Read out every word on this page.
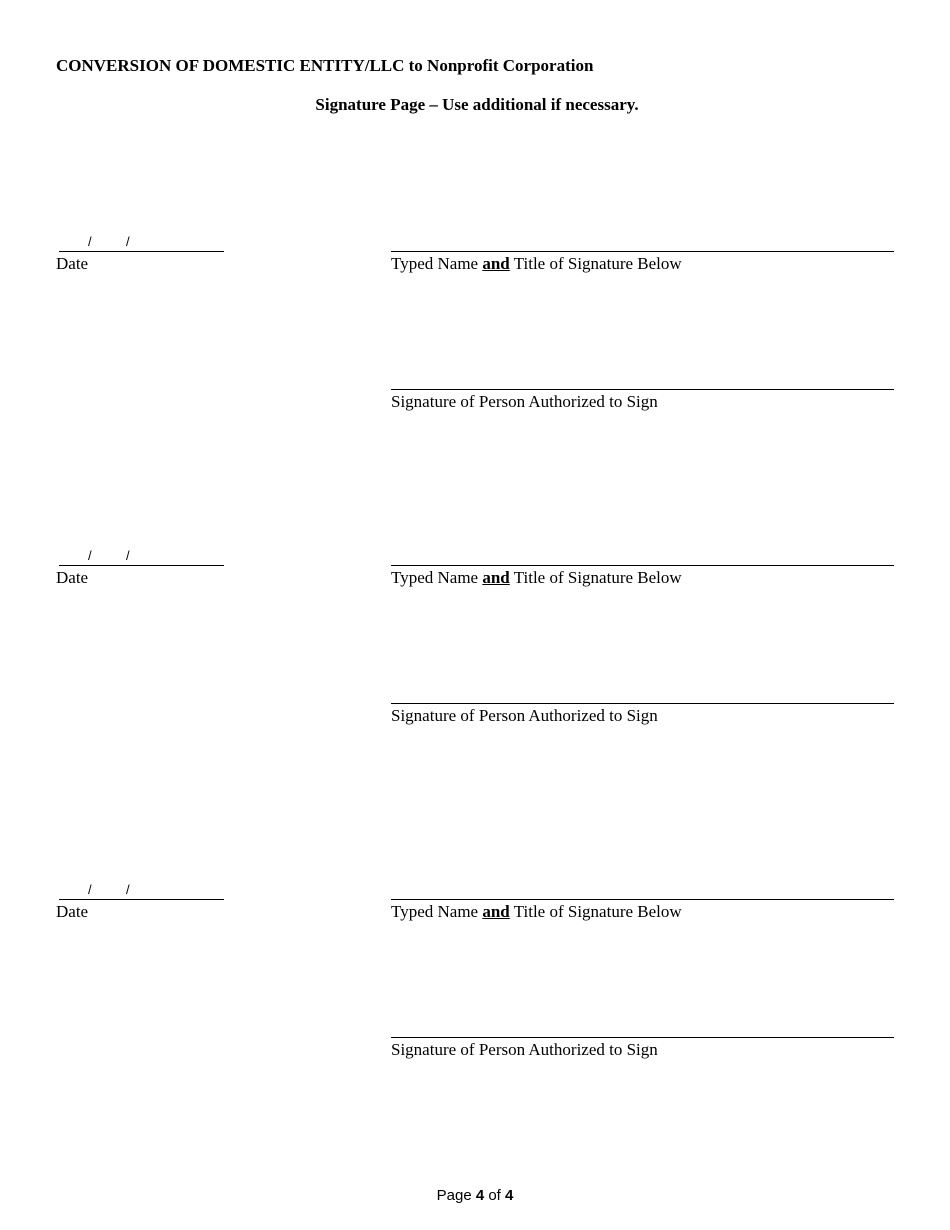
CONVERSION OF DOMESTIC ENTITY/LLC to Nonprofit Corporation
Signature Page – Use additional if necessary.
/	/
Date	Typed Name and Title of Signature Below
Signature of Person Authorized to Sign
/	/
Date	Typed Name and Title of Signature Below
Signature of Person Authorized to Sign
/	/
Date	Typed Name and Title of Signature Below
Signature of Person Authorized to Sign
Page 4 of 4
